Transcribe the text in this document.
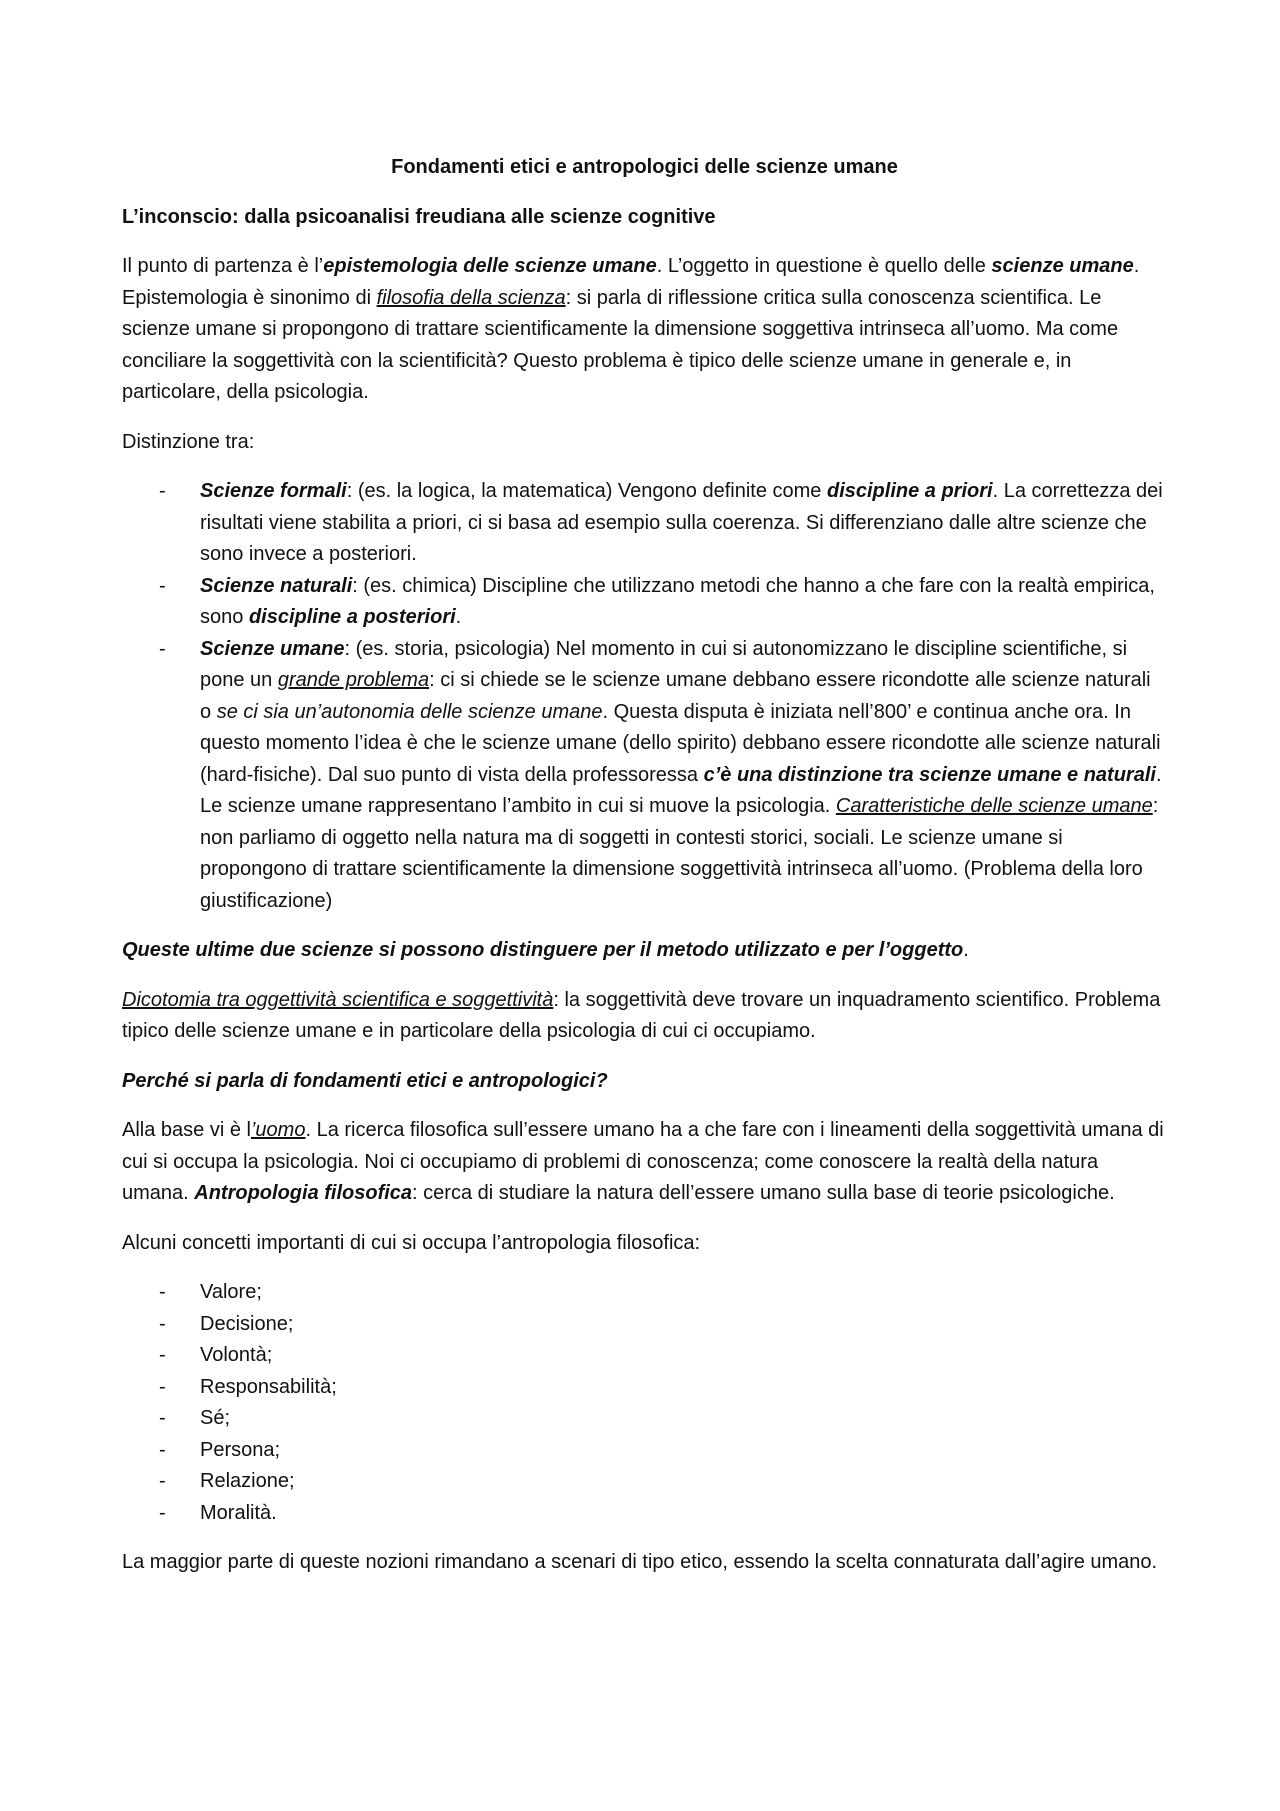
Fondamenti etici e antropologici delle scienze umane
L’inconscio: dalla psicoanalisi freudiana alle scienze cognitive

Il punto di partenza è l’epistemologia delle scienze umane. L’oggetto in questione è quello delle scienze umane. Epistemologia è sinonimo di filosofia della scienza: si parla di riflessione critica sulla conoscenza scientifica. Le scienze umane si propongono di trattare scientificamente la dimensione soggettiva intrinseca all’uomo. Ma come conciliare la soggettività con la scientificità? Questo problema è tipico delle scienze umane in generale e, in particolare, della psicologia.

Distinzione tra:

- Scienze formali: (es. la logica, la matematica) Vengono definite come discipline a priori. La correttezza dei risultati viene stabilita a priori, ci si basa ad esempio sulla coerenza. Si differenziano dalle altre scienze che sono invece a posteriori.
- Scienze naturali: (es. chimica) Discipline che utilizzano metodi che hanno a che fare con la realtà empirica, sono discipline a posteriori.
- Scienze umane: (es. storia, psicologia) Nel momento in cui si autonomizzano le discipline scientifiche, si pone un grande problema: ci si chiede se le scienze umane debbano essere ricondotte alle scienze naturali o se ci sia un’autonomia delle scienze umane. Questa disputa è iniziata nell’800’ e continua anche ora. In questo momento l’idea è che le scienze umane (dello spirito) debbano essere ricondotte alle scienze naturali (hard-fisiche). Dal suo punto di vista della professoressa c’è una distinzione tra scienze umane e naturali. Le scienze umane rappresentano l’ambito in cui si muove la psicologia. Caratteristiche delle scienze umane: non parliamo di oggetto nella natura ma di soggetti in contesti storici, sociali. Le scienze umane si propongono di trattare scientificamente la dimensione soggettività intrinseca all’uomo. (Problema della loro giustificazione)

Queste ultime due scienze si possono distinguere per il metodo utilizzato e per l’oggetto.

Dicotomia tra oggettività scientifica e soggettività: la soggettività deve trovare un inquadramento scientifico. Problema tipico delle scienze umane e in particolare della psicologia di cui ci occupiamo.

Perché si parla di fondamenti etici e antropologici?

Alla base vi è l’uomo. La ricerca filosofica sull’essere umano ha a che fare con i lineamenti della soggettività umana di cui si occupa la psicologia. Noi ci occupiamo di problemi di conoscenza; come conoscere la realtà della natura umana. Antropologia filosofica: cerca di studiare la natura dell’essere umano sulla base di teorie psicologiche.

Alcuni concetti importanti di cui si occupa l’antropologia filosofica:

- Valore;
- Decisione;
- Volontà;
- Responsabilità;
- Sé;
- Persona;
- Relazione;
- Moralità.

La maggior parte di queste nozioni rimandano a scenari di tipo etico, essendo la scelta connaturata dall’agire umano.
